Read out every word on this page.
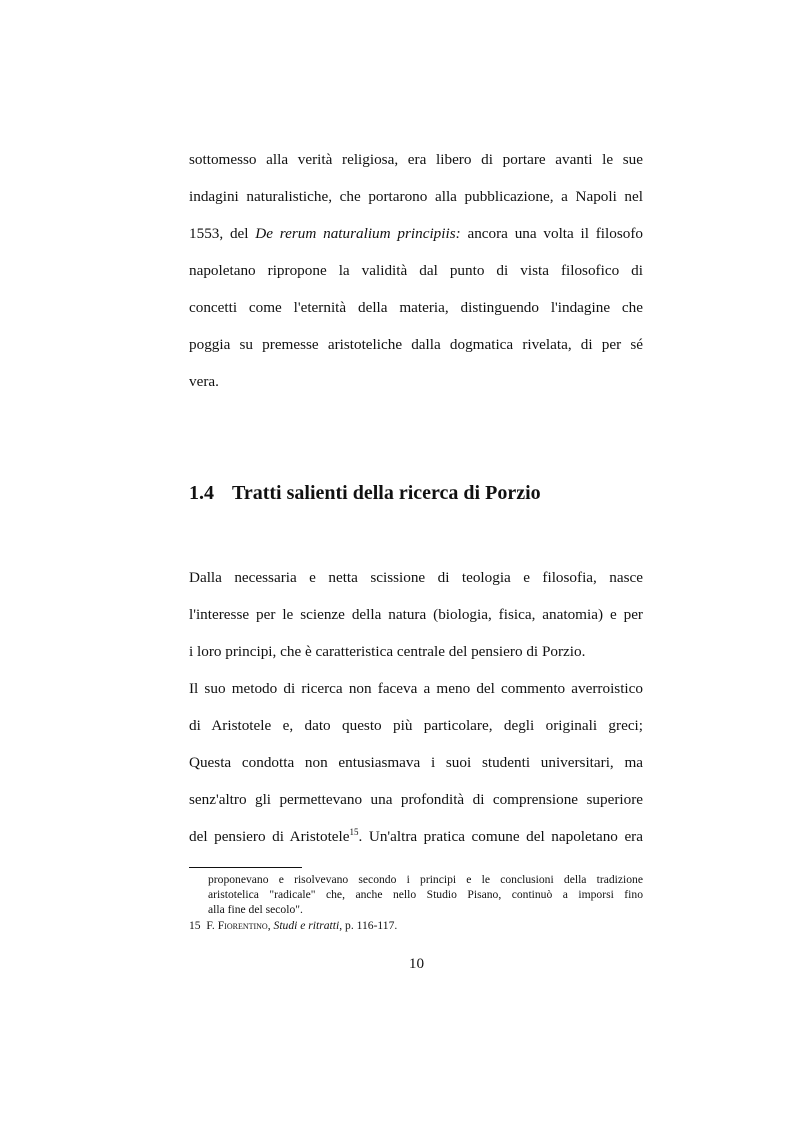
sottomesso alla verità religiosa, era libero di portare avanti le sue
indagini naturalistiche, che portarono alla pubblicazione, a Napoli nel
1553, del De rerum naturalium principiis: ancora una volta il filosofo
napoletano ripropone la validità dal punto di vista filosofico di
concetti come l'eternità della materia, distinguendo l'indagine che
poggia su premesse aristoteliche dalla dogmatica rivelata, di per sé
vera.
1.4 Tratti salienti della ricerca di Porzio
Dalla necessaria e netta scissione di teologia e filosofia, nasce
l'interesse per le scienze della natura (biologia, fisica, anatomia) e per
i loro principi, che è caratteristica centrale del pensiero di Porzio.
Il suo metodo di ricerca non faceva a meno del commento averroistico
di Aristotele e, dato questo più particolare, degli originali greci;
Questa condotta non entusiasmava i suoi studenti universitari, ma
senz'altro gli permettevano una profondità di comprensione superiore
del pensiero di Aristotele$^{15}$. Un'altra pratica comune del napoletano era
proponevano e risolvevano secondo i principi e le conclusioni della tradizione
aristotelica "radicale" che, anche nello Studio Pisano, continuò a imporsi fino
alla fine del secolo".
15 F. Fiorentino, Studi e ritratti, p. 116-117.
10
